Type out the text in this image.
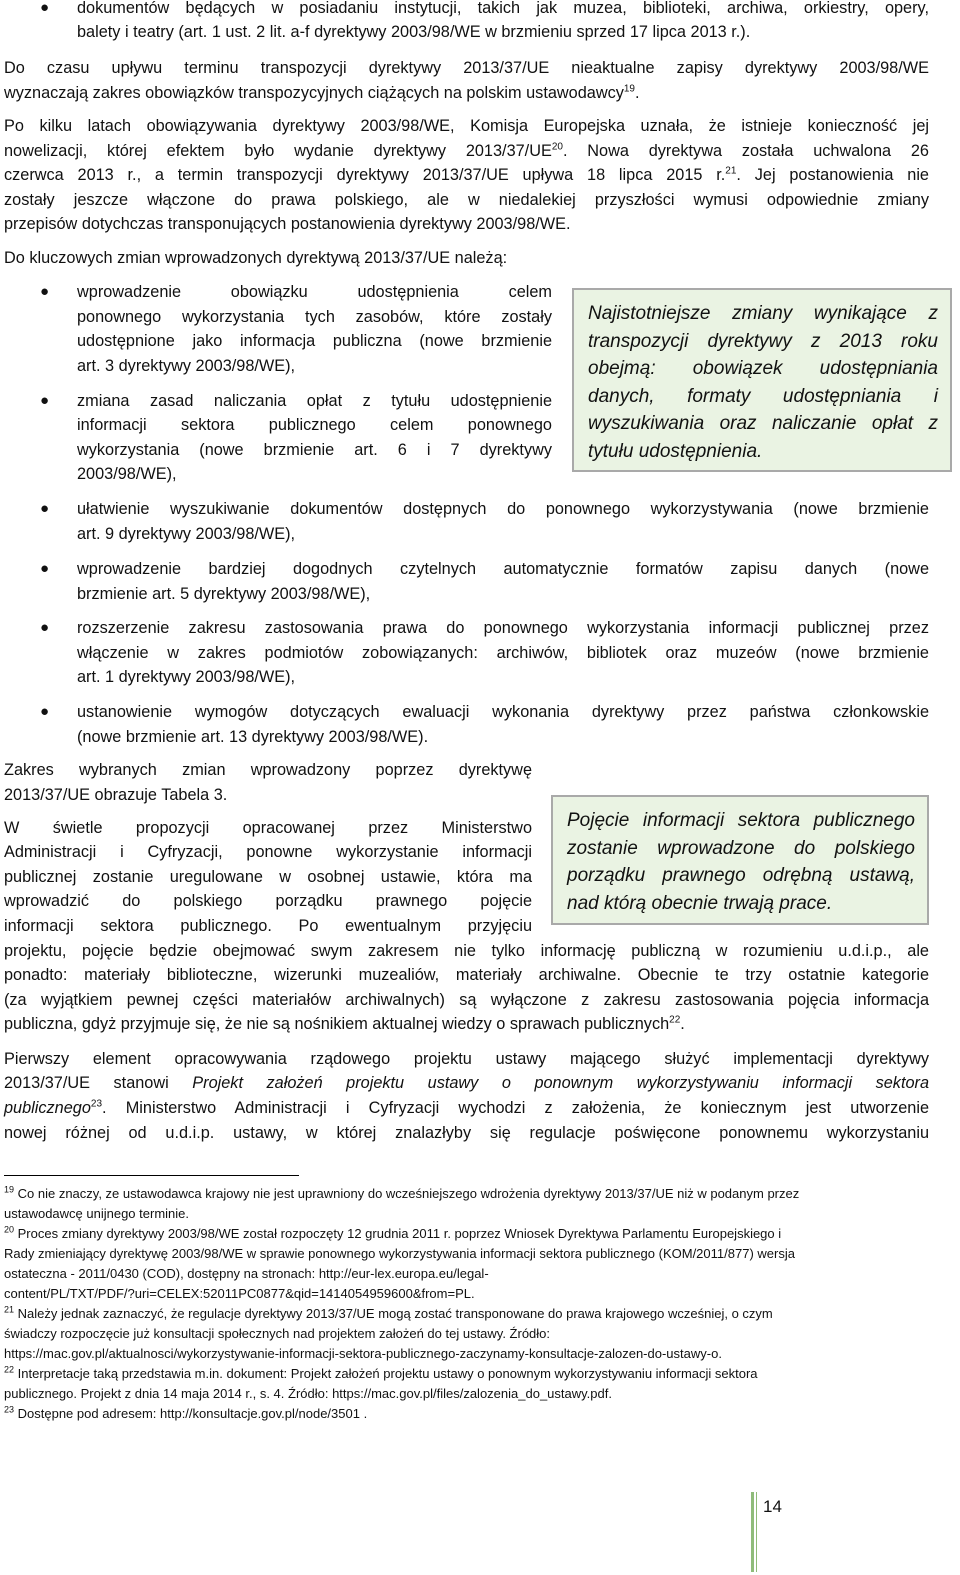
● dokumentów będących w posiadaniu instytucji, takich jak muzea, biblioteki, archiwa, orkiestry, opery,

balety i teatry (art. 1 ust. 2 lit. a-f dyrektywy 2003/98/WE w brzmieniu sprzed 17 lipca 2013 r.).

Do czasu upływu terminu transpozycji dyrektywy 2013/37/UE nieaktualne zapisy dyrektywy 2003/98/WE

wyznaczają zakres obowiązków transpozycyjnych ciążących na polskim ustawodawcy$^{19}$.

Po kilku latach obowiązywania dyrektywy 2003/98/WE, Komisja Europejska uznała, że istnieje konieczność jej

nowelizacji, której efektem było wydanie dyrektywy 2013/37/UE$^{20}$. Nowa dyrektywa została uchwalona 26

czerwca 2013 r., a termin transpozycji dyrektywy 2013/37/UE upływa 18 lipca 2015 r.$^{21}$. Jej postanowienia nie

zostały jeszcze włączone do prawa polskiego, ale w niedalekiej przyszłości wymusi odpowiednie zmiany

przepisów dotychczas transponujących postanowienia dyrektywy 2003/98/WE.

Do kluczowych zmian wprowadzonych dyrektywą 2013/37/UE należą:

● wprowadzenie obowiązku udostępnienia celem

ponownego wykorzystania tych zasobów, które zostały

udostępnione jako informacja publiczna (nowe brzmienie

art. 3 dyrektywy 2003/98/WE),

● zmiana zasad naliczania opłat z tytułu udostępnienie

informacji sektora publicznego celem ponownego

wykorzystania (nowe brzmienie art. 6 i 7 dyrektywy

2003/98/WE),

Najistotniejsze zmiany wynikające z

transpozycji dyrektywy z 2013 roku

obejmą: obowiązek udostępniania

danych, formaty udostępniania i

wyszukiwania oraz naliczanie opłat z

tytułu udostępnienia.

● ułatwienie wyszukiwanie dokumentów dostępnych do ponownego wykorzystywania (nowe brzmienie

art. 9 dyrektywy 2003/98/WE),

● wprowadzenie bardziej dogodnych czytelnych automatycznie formatów zapisu danych (nowe

brzmienie art. 5 dyrektywy 2003/98/WE),

● rozszerzenie zakresu zastosowania prawa do ponownego wykorzystania informacji publicznej przez

włączenie w zakres podmiotów zobowiązanych: archiwów, bibliotek oraz muzeów (nowe brzmienie

art. 1 dyrektywy 2003/98/WE),

● ustanowienie wymogów dotyczących ewaluacji wykonania dyrektywy przez państwa członkowskie

(nowe brzmienie art. 13 dyrektywy 2003/98/WE).

Zakres wybranych zmian wprowadzony poprzez dyrektywę

2013/37/UE obrazuje Tabela 3.

Pojęcie informacji sektora publicznego

zostanie wprowadzone do polskiego

porządku prawnego odrębną ustawą,

nad którą obecnie trwają prace.

W świetle propozycji opracowanej przez Ministerstwo

Administracji i Cyfryzacji, ponowne wykorzystanie informacji

publicznej zostanie uregulowane w osobnej ustawie, która ma

wprowadzić do polskiego porządku prawnego pojęcie

informacji sektora publicznego. Po ewentualnym przyjęciu

projektu, pojęcie będzie obejmować swym zakresem nie tylko informację publiczną w rozumieniu u.d.i.p., ale

ponadto: materiały biblioteczne, wizerunki muzealiów, materiały archiwalne. Obecnie te trzy ostatnie kategorie

(za wyjątkiem pewnej części materiałów archiwalnych) są wyłączone z zakresu zastosowania pojęcia informacja

publiczna, gdyż przyjmuje się, że nie są nośnikiem aktualnej wiedzy o sprawach publicznych$^{22}$.

Pierwszy element opracowywania rządowego projektu ustawy mającego służyć implementacji dyrektywy

2013/37/UE stanowi Projekt założeń projektu ustawy o ponownym wykorzystywaniu informacji sektora

publicznego$^{23}$. Ministerstwo Administracji i Cyfryzacji wychodzi z założenia, że koniecznym jest utworzenie

nowej różnej od u.d.i.p. ustawy, w której znalazłyby się regulacje poświęcone ponownemu wykorzystaniu

$^{19}$ Co nie znaczy, ze ustawodawca krajowy nie jest uprawniony do wcześniejszego wdrożenia dyrektywy 2013/37/UE niż w podanym przez

ustawodawcę unijnego terminie.

$^{20}$ Proces zmiany dyrektywy 2003/98/WE został rozpoczęty 12 grudnia 2011 r. poprzez Wniosek Dyrektywa Parlamentu Europejskiego i

Rady zmieniający dyrektywę 2003/98/WE w sprawie ponownego wykorzystywania informacji sektora publicznego (KOM/2011/877) wersja

ostateczna - 2011/0430 (COD), dostępny na stronach: http://eur-lex.europa.eu/legal-

content/PL/TXT/PDF/?uri=CELEX:52011PC0877&qid=1414054959600&from=PL.

$^{21}$ Należy jednak zaznaczyć, że regulacje dyrektywy 2013/37/UE mogą zostać transponowane do prawa krajowego wcześniej, o czym

świadczy rozpoczęcie już konsultacji społecznych nad projektem założeń do tej ustawy. Źródło:

https://mac.gov.pl/aktualnosci/wykorzystywanie-informacji-sektora-publicznego-zaczynamy-konsultacje-zalozen-do-ustawy-o.

$^{22}$ Interpretacje taką przedstawia m.in. dokument: Projekt założeń projektu ustawy o ponownym wykorzystywaniu informacji sektora

publicznego. Projekt z dnia 14 maja 2014 r., s. 4. Źródło: https://mac.gov.pl/files/zalozenia_do_ustawy.pdf.

$^{23}$ Dostępne pod adresem: http://konsultacje.gov.pl/node/3501 .

14
